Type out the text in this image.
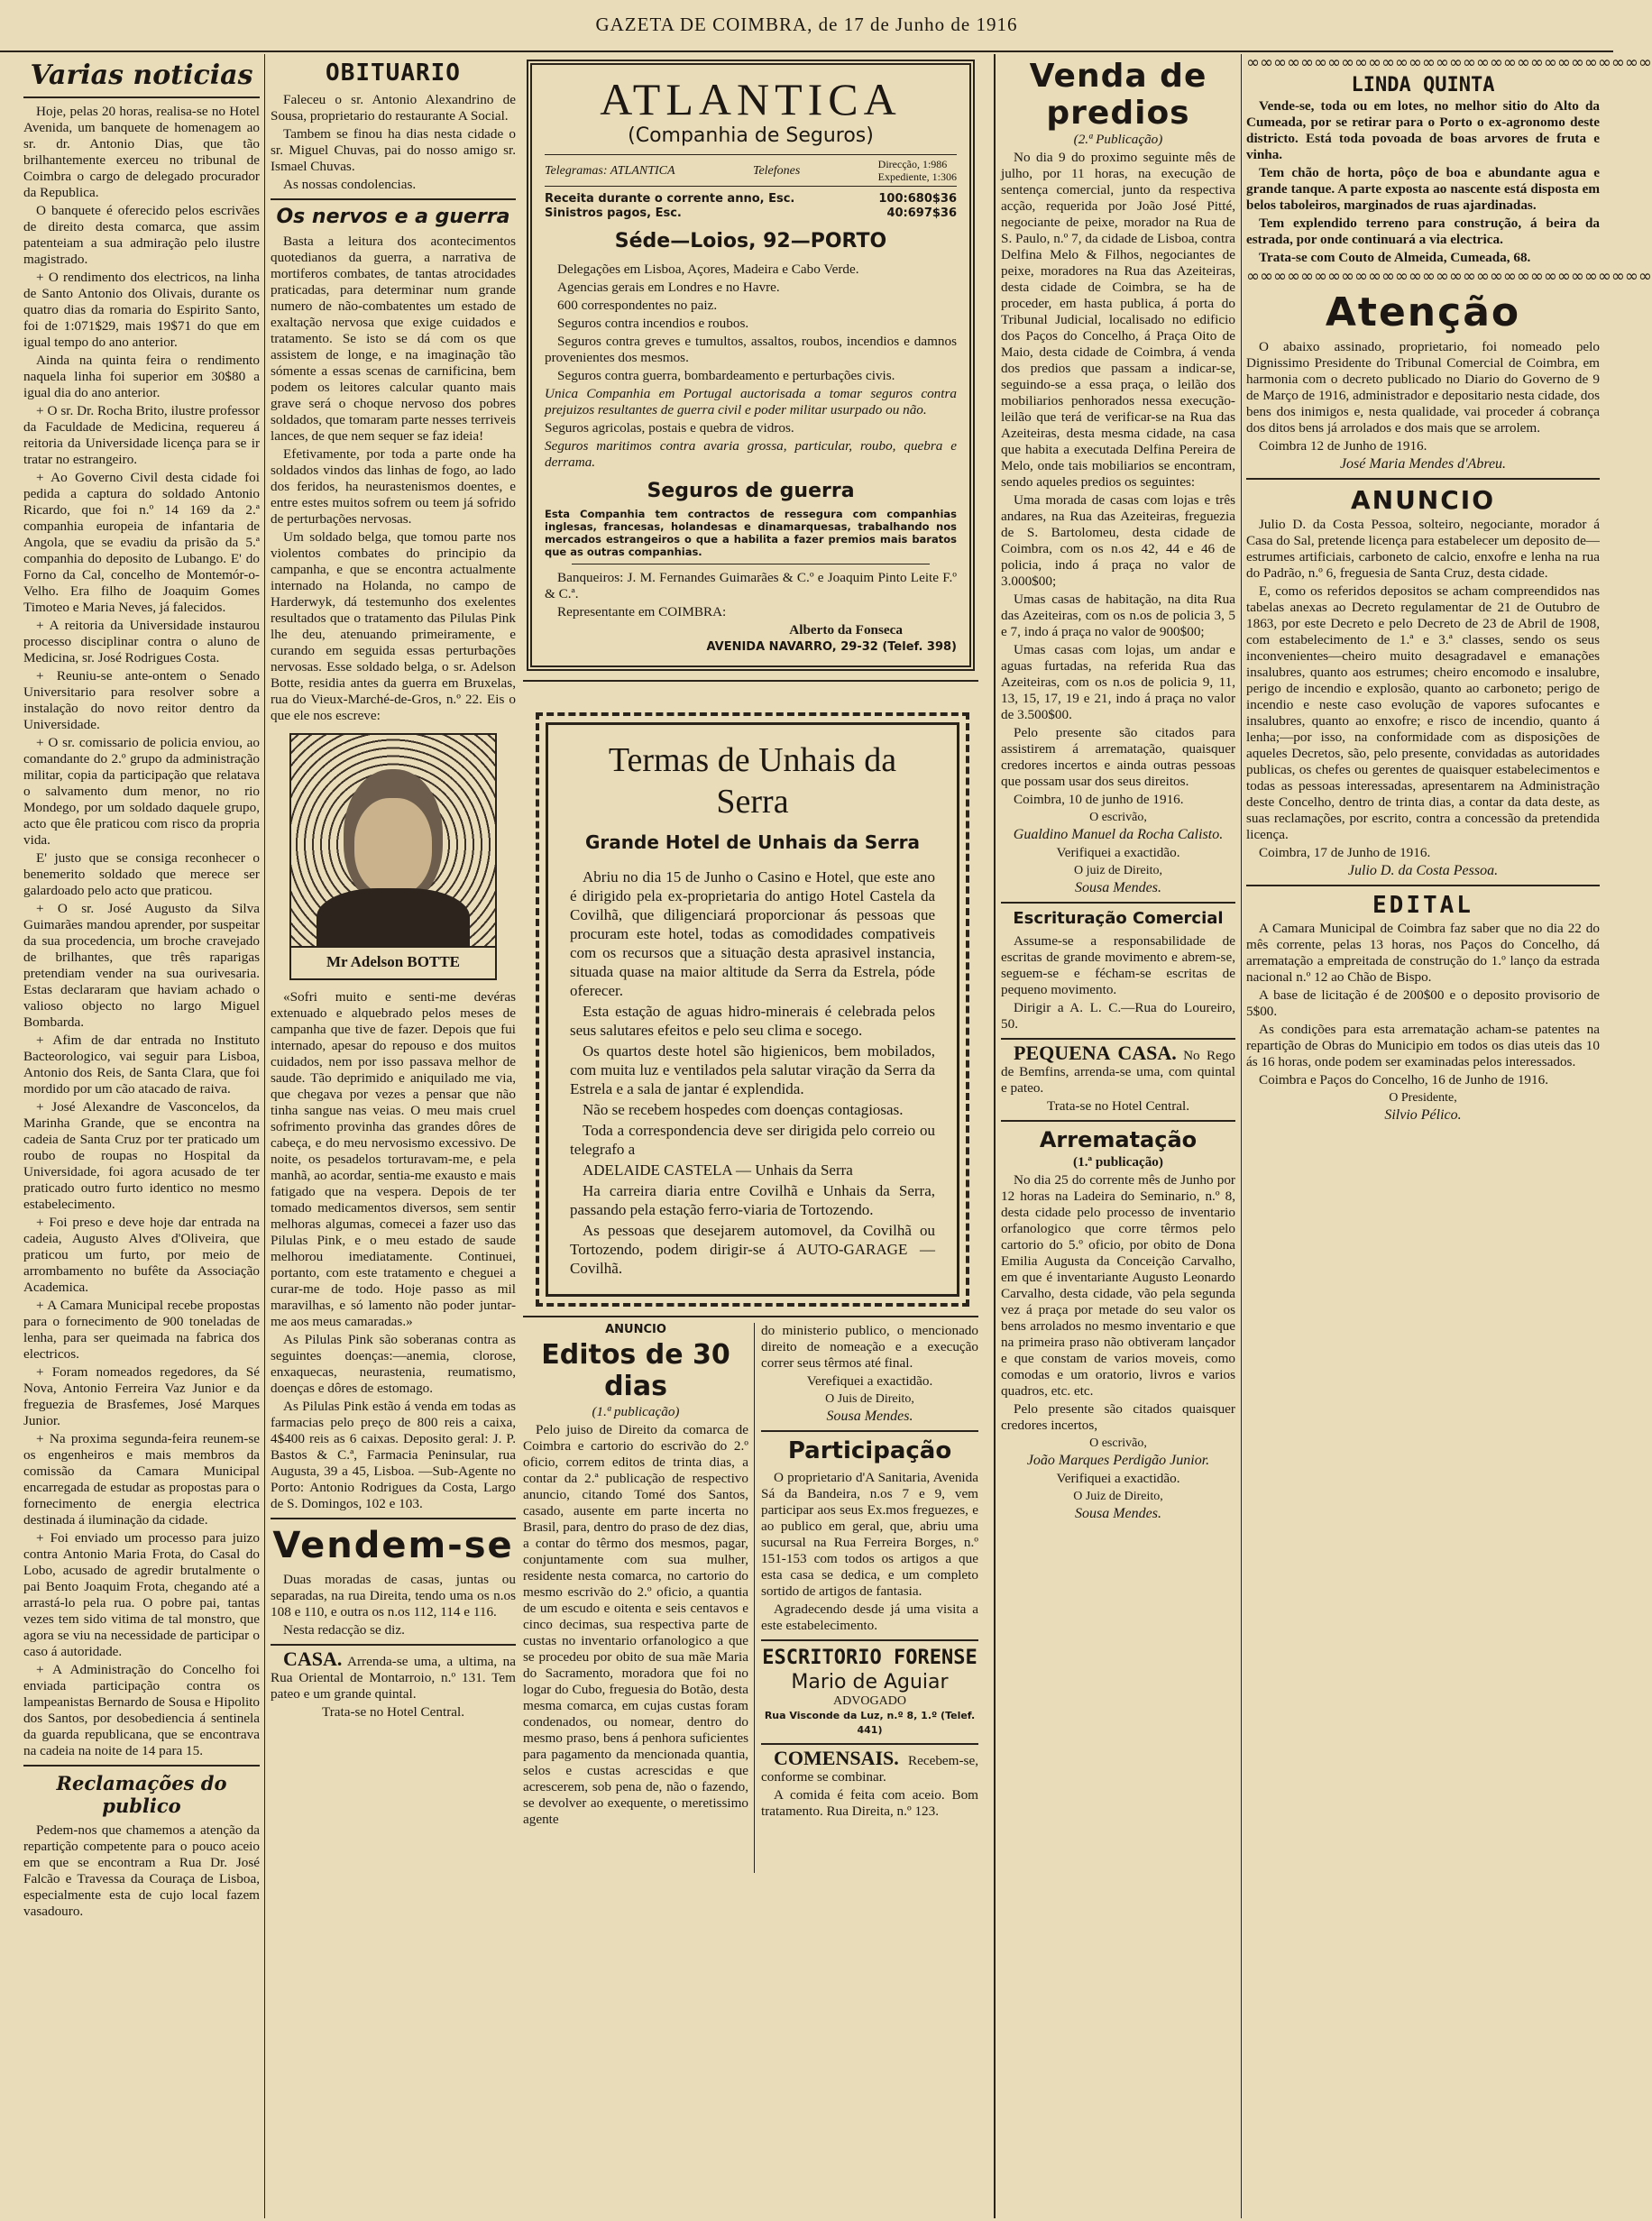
GAZETA DE COIMBRA, de 17 de Junho de 1916
Varias noticias

Hoje, pelas 20 horas, realisa-se no Hotel Avenida, um banquete de homenagem ao sr. dr. Antonio Dias, que tão brilhantemente exerceu no tribunal de Coimbra o cargo de delegado procurador da Republica.

O banquete é oferecido pelos escrivães de direito desta comarca, que assim patenteiam a sua admiração pelo ilustre magistrado.

+ O rendimento dos electricos, na linha de Santo Antonio dos Olivais, durante os quatro dias da romaria do Espirito Santo, foi de 1:071$29, mais 19$71 do que em igual tempo do ano anterior.

Ainda na quinta feira o rendimento naquela linha foi superior em 30$80 a igual dia do ano anterior.

+ O sr. Dr. Rocha Brito, ilustre professor da Faculdade de Medicina, requereu á reitoria da Universidade licença para se ir tratar no estrangeiro.

+ Ao Governo Civil desta cidade foi pedida a captura do soldado Antonio Ricardo, que foi n.º 14 169 da 2.ª companhia europeia de infantaria de Angola, que se evadiu da prisão da 5.ª companhia do deposito de Lubango. E' do Forno da Cal, concelho de Montemór-o-Velho. Era filho de Joaquim Gomes Timoteo e Maria Neves, já falecidos.

+ A reitoria da Universidade instaurou processo disciplinar contra o aluno de Medicina, sr. José Rodrigues Costa.

+ Reuniu-se ante-ontem o Senado Universitario para resolver sobre a instalação do novo reitor dentro da Universidade.

+ O sr. comissario de policia enviou, ao comandante do 2.º grupo da administração militar, copia da participação que relatava o salvamento dum menor, no rio Mondego, por um soldado daquele grupo, acto que êle praticou com risco da propria vida.

E' justo que se consiga reconhecer o benemerito soldado que merece ser galardoado pelo acto que praticou.

+ O sr. José Augusto da Silva Guimarães mandou aprender, por suspeitar da sua procedencia, um broche cravejado de brilhantes, que três raparigas pretendiam vender na sua ourivesaria. Estas declararam que haviam achado o valioso objecto no largo Miguel Bombarda.

+ Afim de dar entrada no Instituto Bacteorologico, vai seguir para Lisboa, Antonio dos Reis, de Santa Clara, que foi mordido por um cão atacado de raiva.

+ José Alexandre de Vasconcelos, da Marinha Grande, que se encontra na cadeia de Santa Cruz por ter praticado um roubo de roupas no Hospital da Universidade, foi agora acusado de ter praticado outro furto identico no mesmo estabelecimento.

+ Foi preso e deve hoje dar entrada na cadeia, Augusto Alves d'Oliveira, que praticou um furto, por meio de arrombamento no bufête da Associação Academica.

+ A Camara Municipal recebe propostas para o fornecimento de 900 toneladas de lenha, para ser queimada na fabrica dos electricos.

+ Foram nomeados regedores, da Sé Nova, Antonio Ferreira Vaz Junior e da freguezia de Brasfemes, José Marques Junior.

+ Na proxima segunda-feira reunem-se os engenheiros e mais membros da comissão da Camara Municipal encarregada de estudar as propostas para o fornecimento de energia electrica destinada á iluminação da cidade.

+ Foi enviado um processo para juizo contra Antonio Maria Frota, do Casal do Lobo, acusado de agredir brutalmente o pai Bento Joaquim Frota, chegando até a arrastá-lo pela rua. O pobre pai, tantas vezes tem sido vitima de tal monstro, que agora se viu na necessidade de participar o caso á autoridade.

+ A Administração do Concelho foi enviada participação contra os lampeanistas Bernardo de Sousa e Hipolito dos Santos, por desobediencia á sentinela da guarda republicana, que se encontrava na cadeia na noite de 14 para 15.

Reclamações do publico

Pedem-nos que chamemos a atenção da repartição competente para o pouco aceio em que se encontram a Rua Dr. José Falcão e Travessa da Couraça de Lisboa, especialmente esta de cujo local fazem vasadouro.

OBITUARIO

Faleceu o sr. Antonio Alexandrino de Sousa, proprietario do restaurante A Social.

Tambem se finou ha dias nesta cidade o sr. Miguel Chuvas, pai do nosso amigo sr. Ismael Chuvas.

As nossas condolencias.

Os nervos e a guerra

Basta a leitura dos acontecimentos quotedianos da guerra, a narrativa de mortiferos combates, de tantas atrocidades praticadas, para determinar num grande numero de não-combatentes um estado de exaltação nervosa que exige cuidados e tratamento. Se isto se dá com os que assistem de longe, e na imaginação tão sómente a essas scenas de carnificina, bem podem os leitores calcular quanto mais grave será o choque nervoso dos pobres soldados, que tomaram parte nesses terriveis lances, de que nem sequer se faz ideia!

Efetivamente, por toda a parte onde ha soldados vindos das linhas de fogo, ao lado dos feridos, ha neurastenismos doentes, e entre estes muitos sofrem ou teem já sofrido de perturbações nervosas.

Um soldado belga, que tomou parte nos violentos combates do principio da campanha, e que se encontra actualmente internado na Holanda, no campo de Harderwyk, dá testemunho dos exelentes resultados que o tratamento das Pilulas Pink lhe deu, atenuando primeiramente, e curando em seguida essas perturbações nervosas. Esse soldado belga, o sr. Adelson Botte, residia antes da guerra em Bruxelas, rua do Vieux-Marché-de-Gros, n.º 22. Eis o que ele nos escreve:

Mr Adelson BOTTE

«Sofri muito e senti-me devéras extenuado e alquebrado pelos meses de campanha que tive de fazer. Depois que fui internado, apesar do repouso e dos muitos cuidados, nem por isso passava melhor de saude. Tão deprimido e aniquilado me via, que chegava por vezes a pensar que não tinha sangue nas veias. O meu mais cruel sofrimento provinha das grandes dôres de cabeça, e do meu nervosismo excessivo. De noite, os pesadelos torturavam-me, e pela manhã, ao acordar, sentia-me exausto e mais fatigado que na vespera. Depois de ter tomado medicamentos diversos, sem sentir melhoras algumas, comecei a fazer uso das Pilulas Pink, e o meu estado de saude melhorou imediatamente. Continuei, portanto, com este tratamento e cheguei a curar-me de todo. Hoje passo as mil maravilhas, e só lamento não poder juntar-me aos meus camaradas.»

As Pilulas Pink são soberanas contra as seguintes doenças:—anemia, clorose, enxaquecas, neurastenia, reumatismo, doenças e dôres de estomago.

As Pilulas Pink estão á venda em todas as farmacias pelo preço de 800 reis a caixa, 4$400 reis as 6 caixas. Deposito geral: J. P. Bastos & C.ª, Farmacia Peninsular, rua Augusta, 39 a 45, Lisboa. —Sub-Agente no Porto: Antonio Rodrigues da Costa, Largo de S. Domingos, 102 e 103.

Vendem-se

Duas moradas de casas, juntas ou separadas, na rua Direita, tendo uma os n.os 108 e 110, e outra os n.os 112, 114 e 116.

Nesta redacção se diz.

CASA. Arrenda-se uma, a ultima, na Rua Oriental de Montarroio, n.º 131. Tem pateo e um grande quintal.

Trata-se no Hotel Central.

ATLANTICA
(Companhia de Seguros)
Telegramas: ATLANTICA	Telefones	Direcção, 1:986
Expediente, 1:306
Receita durante o corrente anno, Esc.	100:680$36
Sinistros pagos, Esc.	40:697$36
Séde—Loios, 92—PORTO

Delegações em Lisboa, Açores, Madeira e Cabo Verde.

Agencias gerais em Londres e no Havre.

600 correspondentes no paiz.

Seguros contra incendios e roubos.

Seguros contra greves e tumultos, assaltos, roubos, incendios e damnos provenientes dos mesmos.

Seguros contra guerra, bombardeamento e perturbações civis.

Unica Companhia em Portugal auctorisada a tomar seguros contra prejuizos resultantes de guerra civil e poder militar usurpado ou não.

Seguros agricolas, postais e quebra de vidros.

Seguros maritimos contra avaria grossa, particular, roubo, quebra e derrama.

Seguros de guerra

Esta Companhia tem contractos de ressegura com companhias inglesas, francesas, holandesas e dinamarquesas, trabalhando nos mercados estrangeiros o que a habilita a fazer premios mais baratos que as outras companhias.

Banqueiros: J. M. Fernandes Guimarães & C.º e Joaquim Pinto Leite F.º & C.ª.

Representante em COIMBRA:

Alberto da Fonseca

AVENIDA NAVARRO, 29-32 (Telef. 398)

Termas de Unhais da Serra
Grande Hotel de Unhais da Serra

Abriu no dia 15 de Junho o Casino e Hotel, que este ano é dirigido pela ex-proprietaria do antigo Hotel Castela da Covilhã, que diligenciará proporcionar ás pessoas que procuram este hotel, todas as comodidades compativeis com os recursos que a situação desta aprasivel instancia, situada quase na maior altitude da Serra da Estrela, póde oferecer.

Esta estação de aguas hidro-minerais é celebrada pelos seus salutares efeitos e pelo seu clima e socego.

Os quartos deste hotel são higienicos, bem mobilados, com muita luz e ventilados pela salutar viração da Serra da Estrela e a sala de jantar é explendida.

Não se recebem hospedes com doenças contagiosas.

Toda a correspondencia deve ser dirigida pelo correio ou telegrafo a

ADELAIDE CASTELA — Unhais da Serra

Ha carreira diaria entre Covilhã e Unhais da Serra, passando pela estação ferro-viaria de Tortozendo.

As pessoas que desejarem automovel, da Covilhã ou Tortozendo, podem dirigir-se á AUTO-GARAGE — Covilhã.

ANUNCIO
Editos de 30 dias

(1.ª publicação)

Pelo juiso de Direito da comarca de Coimbra e cartorio do escrivão do 2.º oficio, correm editos de trinta dias, a contar da 2.ª publicação de respectivo anuncio, citando Tomé dos Santos, casado, ausente em parte incerta no Brasil, para, dentro do praso de dez dias, a contar do têrmo dos mesmos, pagar, conjuntamente com sua mulher, residente nesta comarca, no cartorio do mesmo escrivão do 2.º oficio, a quantia de um escudo e oitenta e seis centavos e cinco decimas, sua respectiva parte de custas no inventario orfanologico a que se procedeu por obito de sua mãe Maria do Sacramento, moradora que foi no logar do Cubo, freguesia do Botão, desta mesma comarca, em cujas custas foram condenados, ou nomear, dentro do mesmo praso, bens á penhora suficientes para pagamento da mencionada quantia, selos e custas acrescidas e que acrescerem, sob pena de, não o fazendo, se devolver ao exequente, o meretissimo agente

do ministerio publico, o mencionado direito de nomeação e a execução correr seus têrmos até final.

Verefiquei a exactidão.

O Juis de Direito,

Sousa Mendes.

Participação

O proprietario d'A Sanitaria, Avenida Sá da Bandeira, n.os 7 e 9, vem participar aos seus Ex.mos freguezes, e ao publico em geral, que, abriu uma sucursal na Rua Ferreira Borges, n.º 151-153 com todos os artigos a que esta casa se dedica, e um completo sortido de artigos de fantasia.

Agradecendo desde já uma visita a este estabelecimento.

ESCRITORIO FORENSE
Mario de Aguiar
ADVOGADO

Rua Visconde da Luz, n.º 8, 1.º (Telef. 441)

COMENSAIS. Recebem-se, conforme se combinar.

A comida é feita com aceio. Bom tratamento. Rua Direita, n.º 123.

Venda de predios

(2.ª Publicação)

No dia 9 do proximo seguinte mês de julho, por 11 horas, na execução de sentença comercial, junto da respectiva acção, requerida por João José Pitté, negociante de peixe, morador na Rua de S. Paulo, n.º 7, da cidade de Lisboa, contra Delfina Melo & Filhos, negociantes de peixe, moradores na Rua das Azeiteiras, desta cidade de Coimbra, se ha de proceder, em hasta publica, á porta do Tribunal Judicial, localisado no edificio dos Paços do Concelho, á Praça Oito de Maio, desta cidade de Coimbra, á venda dos predios que passam a indicar-se, seguindo-se a essa praça, o leilão dos mobiliarios penhorados nessa execução-leilão que terá de verificar-se na Rua das Azeiteiras, desta mesma cidade, na casa que habita a executada Delfina Pereira de Melo, onde tais mobiliarios se encontram, sendo aqueles predios os seguintes:

Uma morada de casas com lojas e três andares, na Rua das Azeiteiras, freguezia de S. Bartolomeu, desta cidade de Coimbra, com os n.os 42, 44 e 46 de policia, indo á praça no valor de 3.000$00;

Umas casas de habitação, na dita Rua das Azeiteiras, com os n.os de policia 3, 5 e 7, indo á praça no valor de 900$00;

Umas casas com lojas, um andar e aguas furtadas, na referida Rua das Azeiteiras, com os n.os de policia 9, 11, 13, 15, 17, 19 e 21, indo á praça no valor de 3.500$00.

Pelo presente são citados para assistirem á arrematação, quaisquer credores incertos e ainda outras pessoas que possam usar dos seus direitos.

Coimbra, 10 de junho de 1916.

O escrivão,

Gualdino Manuel da Rocha Calisto.

Verifiquei a exactidão.

O juiz de Direito,

Sousa Mendes.

Escrituração Comercial

Assume-se a responsabilidade de escritas de grande movimento e abrem-se, seguem-se e fécham-se escritas de pequeno movimento.

Dirigir a A. L. C.—Rua do Loureiro, 50.

PEQUENA CASA. No Rego de Bemfins, arrenda-se uma, com quintal e pateo.

Trata-se no Hotel Central.

Arrematação

(1.ª publicação)

No dia 25 do corrente mês de Junho por 12 horas na Ladeira do Seminario, n.º 8, desta cidade pelo processo de inventario orfanologico que corre têrmos pelo cartorio do 5.º oficio, por obito de Dona Emilia Augusta da Conceição Carvalho, em que é inventariante Augusto Leonardo Carvalho, desta cidade, vão pela segunda vez á praça por metade do seu valor os bens arrolados no mesmo inventario e que na primeira praso não obtiveram lançador e que constam de varios moveis, como comodas e um oratorio, livros e varios quadros, etc. etc.

Pelo presente são citados quaisquer credores incertos,

O escrivão,

João Marques Perdigão Junior.

Verifiquei a exactidão.

O Juiz de Direito,

Sousa Mendes.

∞∞∞∞∞∞∞∞∞∞∞∞∞∞∞∞∞∞∞∞∞∞∞∞∞∞∞∞∞∞
LINDA QUINTA

Vende-se, toda ou em lotes, no melhor sitio do Alto da Cumeada, por se retirar para o Porto o ex-agronomo deste districto. Está toda povoada de boas arvores de fruta e vinha.

Tem chão de horta, pôço de boa e abundante agua e grande tanque. A parte exposta ao nascente está disposta em belos taboleiros, marginados de ruas ajardinadas.

Tem explendido terreno para construção, á beira da estrada, por onde continuará a via electrica.

Trata-se com Couto de Almeida, Cumeada, 68.

∞∞∞∞∞∞∞∞∞∞∞∞∞∞∞∞∞∞∞∞∞∞∞∞∞∞∞∞∞∞
Atenção

O abaixo assinado, proprietario, foi nomeado pelo Dignissimo Presidente do Tribunal Comercial de Coimbra, em harmonia com o decreto publicado no Diario do Governo de 9 de Março de 1916, administrador e depositario nesta cidade, dos bens dos inimigos e, nesta qualidade, vai proceder á cobrança dos ditos bens já arrolados e dos mais que se arrolem.

Coimbra 12 de Junho de 1916.

José Maria Mendes d'Abreu.

ANUNCIO

Julio D. da Costa Pessoa, solteiro, negociante, morador á Casa do Sal, pretende licença para estabelecer um deposito de—estrumes artificiais, carboneto de calcio, enxofre e lenha na rua do Padrão, n.º 6, freguesia de Santa Cruz, desta cidade.

E, como os referidos depositos se acham compreendidos nas tabelas anexas ao Decreto regulamentar de 21 de Outubro de 1863, por este Decreto e pelo Decreto de 23 de Abril de 1908, com estabelecimento de 1.ª e 3.ª classes, sendo os seus inconvenientes—cheiro muito desagradavel e emanações insalubres, quanto aos estrumes; cheiro encomodo e insalubre, perigo de incendio e explosão, quanto ao carboneto; perigo de incendio e neste caso evolução de vapores sufocantes e insalubres, quanto ao enxofre; e risco de incendio, quanto á lenha;—por isso, na conformidade com as disposições de aqueles Decretos, são, pelo presente, convidadas as autoridades publicas, os chefes ou gerentes de quaisquer estabelecimentos e todas as pessoas interessadas, apresentarem na Administração deste Concelho, dentro de trinta dias, a contar da data deste, as suas reclamações, por escrito, contra a concessão da pretendida licença.

Coimbra, 17 de Junho de 1916.

Julio D. da Costa Pessoa.

EDITAL

A Camara Municipal de Coimbra faz saber que no dia 22 do mês corrente, pelas 13 horas, nos Paços do Concelho, dá arrematação a empreitada de construção do 1.º lanço da estrada nacional n.º 12 ao Chão de Bispo.

A base de licitação é de 200$00 e o deposito provisorio de 5$00.

As condições para esta arrematação acham-se patentes na repartição de Obras do Municipio em todos os dias uteis das 10 ás 16 horas, onde podem ser examinadas pelos interessados.

Coimbra e Paços do Concelho, 16 de Junho de 1916.

O Presidente,

Silvio Pélico.
